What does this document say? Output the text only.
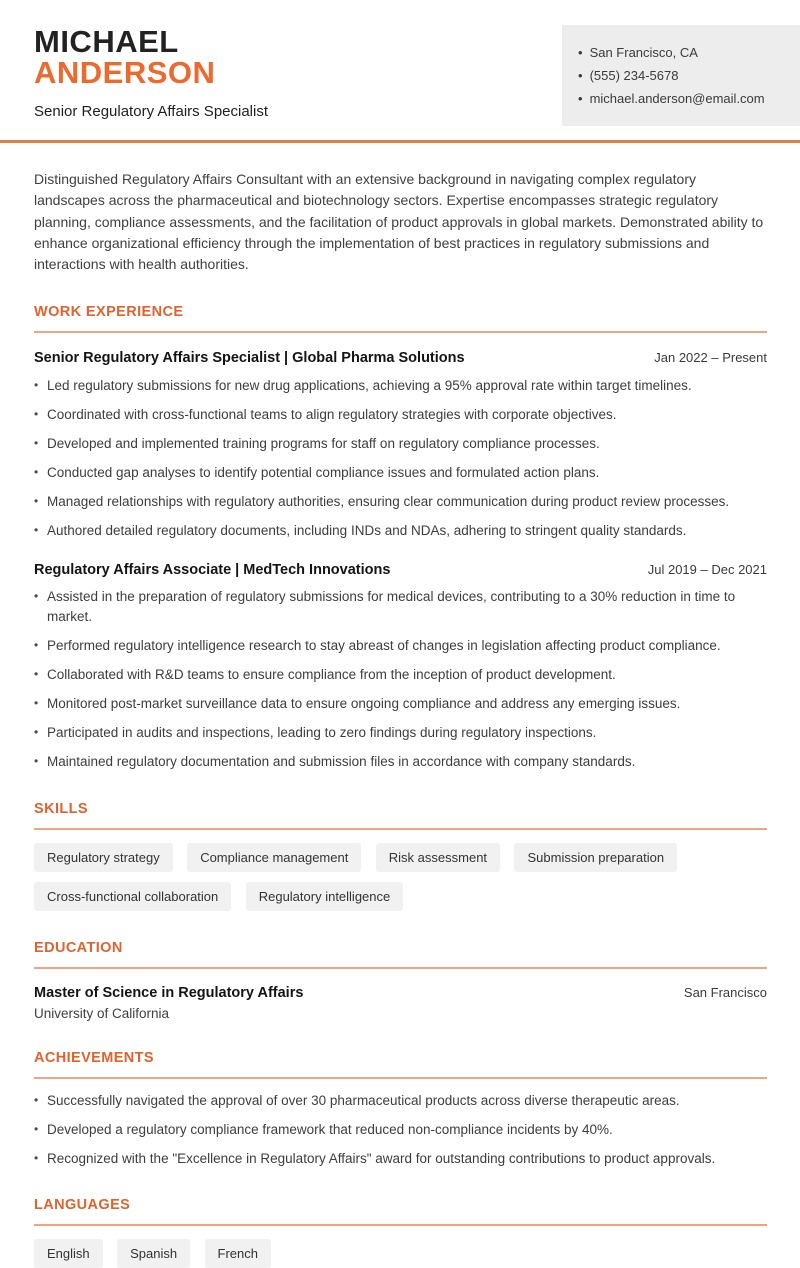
MICHAEL
ANDERSON
Senior Regulatory Affairs Specialist
• San Francisco, CA
• (555) 234-5678
• michael.anderson@email.com
Distinguished Regulatory Affairs Consultant with an extensive background in navigating complex regulatory landscapes across the pharmaceutical and biotechnology sectors. Expertise encompasses strategic regulatory planning, compliance assessments, and the facilitation of product approvals in global markets. Demonstrated ability to enhance organizational efficiency through the implementation of best practices in regulatory submissions and interactions with health authorities.
WORK EXPERIENCE
Senior Regulatory Affairs Specialist | Global Pharma Solutions	Jan 2022 – Present
• Led regulatory submissions for new drug applications, achieving a 95% approval rate within target timelines.
• Coordinated with cross-functional teams to align regulatory strategies with corporate objectives.
• Developed and implemented training programs for staff on regulatory compliance processes.
• Conducted gap analyses to identify potential compliance issues and formulated action plans.
• Managed relationships with regulatory authorities, ensuring clear communication during product review processes.
• Authored detailed regulatory documents, including INDs and NDAs, adhering to stringent quality standards.
Regulatory Affairs Associate | MedTech Innovations	Jul 2019 – Dec 2021
• Assisted in the preparation of regulatory submissions for medical devices, contributing to a 30% reduction in time to market.
• Performed regulatory intelligence research to stay abreast of changes in legislation affecting product compliance.
• Collaborated with R&D teams to ensure compliance from the inception of product development.
• Monitored post-market surveillance data to ensure ongoing compliance and address any emerging issues.
• Participated in audits and inspections, leading to zero findings during regulatory inspections.
• Maintained regulatory documentation and submission files in accordance with company standards.
SKILLS
Regulatory strategy	Compliance management	Risk assessment	Submission preparation Cross-functional collaboration	Regulatory intelligence
EDUCATION
Master of Science in Regulatory Affairs	San Francisco
University of California
ACHIEVEMENTS
• Successfully navigated the approval of over 30 pharmaceutical products across diverse therapeutic areas.
• Developed a regulatory compliance framework that reduced non-compliance incidents by 40%.
• Recognized with the "Excellence in Regulatory Affairs" award for outstanding contributions to product approvals.
LANGUAGES
English	Spanish	French
